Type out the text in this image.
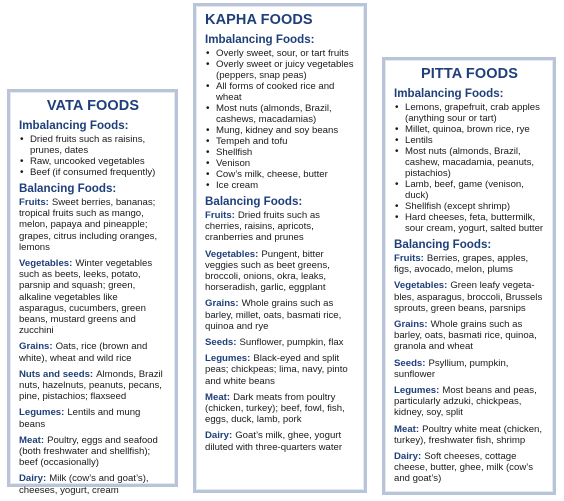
VATA FOODS
Imbalancing Foods:
• Dried fruits such as raisins, prunes, dates
• Raw, uncooked vegetables
• Beef (if consumed frequently)
Balancing Foods:
Fruits: Sweet berries, bananas; tropical fruits such as mango, melon, papaya and pineapple; grapes, citrus including oranges, lemons
Vegetables: Winter vegetables such as beets, leeks, potato, parsnip and squash; green, alkaline vegetables like asparagus, cucumbers, green beans, mustard greens and zucchini
Grains: Oats, rice (brown and white), wheat and wild rice
Nuts and seeds: Almonds, Brazil nuts, hazelnuts, peanuts, pecans, pine, pistachios; flaxseed
Legumes: Lentils and mung beans
Meat: Poultry, eggs and seafood (both freshwater and shellfish); beef (occasionally)
Dairy: Milk (cow’s and goat’s), cheeses, yogurt, cream
KAPHA FOODS
Imbalancing Foods:
• Overly sweet, sour, or tart fruits
• Overly sweet or juicy vegetables (peppers, snap peas)
• All forms of cooked rice and wheat
• Most nuts (almonds, Brazil, cashews, macadamias)
• Mung, kidney and soy beans
• Tempeh and tofu
• Shellfish
• Venison
• Cow’s milk, cheese, butter
• Ice cream
Balancing Foods:
Fruits: Dried fruits such as cherries, raisins, apricots, cranberries and prunes
Vegetables: Pungent, bitter veggies such as beet greens, broccoli, onions, okra, leaks, horseradish, garlic, eggplant
Grains: Whole grains such as barley, millet, oats, basmati rice, quinoa and rye
Seeds: Sunflower, pumpkin, flax
Legumes: Black-eyed and split peas; chickpeas; lima, navy, pinto and white beans
Meat: Dark meats from poultry (chicken, turkey); beef, fowl, fish, eggs, duck, lamb, pork
Dairy: Goat’s milk, ghee, yogurt diluted with three-quarters water
PITTA FOODS
Imbalancing Foods:
• Lemons, grapefruit, crab apples (anything sour or tart)
• Millet, quinoa, brown rice, rye
• Lentils
• Most nuts (almonds, Brazil, cashew, macadamia, peanuts, pistachios)
• Lamb, beef, game (venison, duck)
• Shellfish (except shrimp)
• Hard cheeses, feta, buttermilk, sour cream, yogurt, salted butter
Balancing Foods:
Fruits: Berries, grapes, apples, figs, avocado, melon, plums
Vegetables: Green leafy vegeta-bles, asparagus, broccoli, Brussels sprouts, green beans, parsnips
Grains: Whole grains such as barley, oats, basmati rice, quinoa, granola and wheat
Seeds: Psyllium, pumpkin, sunflower
Legumes: Most beans and peas, particularly adzuki, chickpeas, kidney, soy, split
Meat: Poultry white meat (chicken, turkey), freshwater fish, shrimp
Dairy: Soft cheeses, cottage cheese, butter, ghee, milk (cow’s and goat’s)
